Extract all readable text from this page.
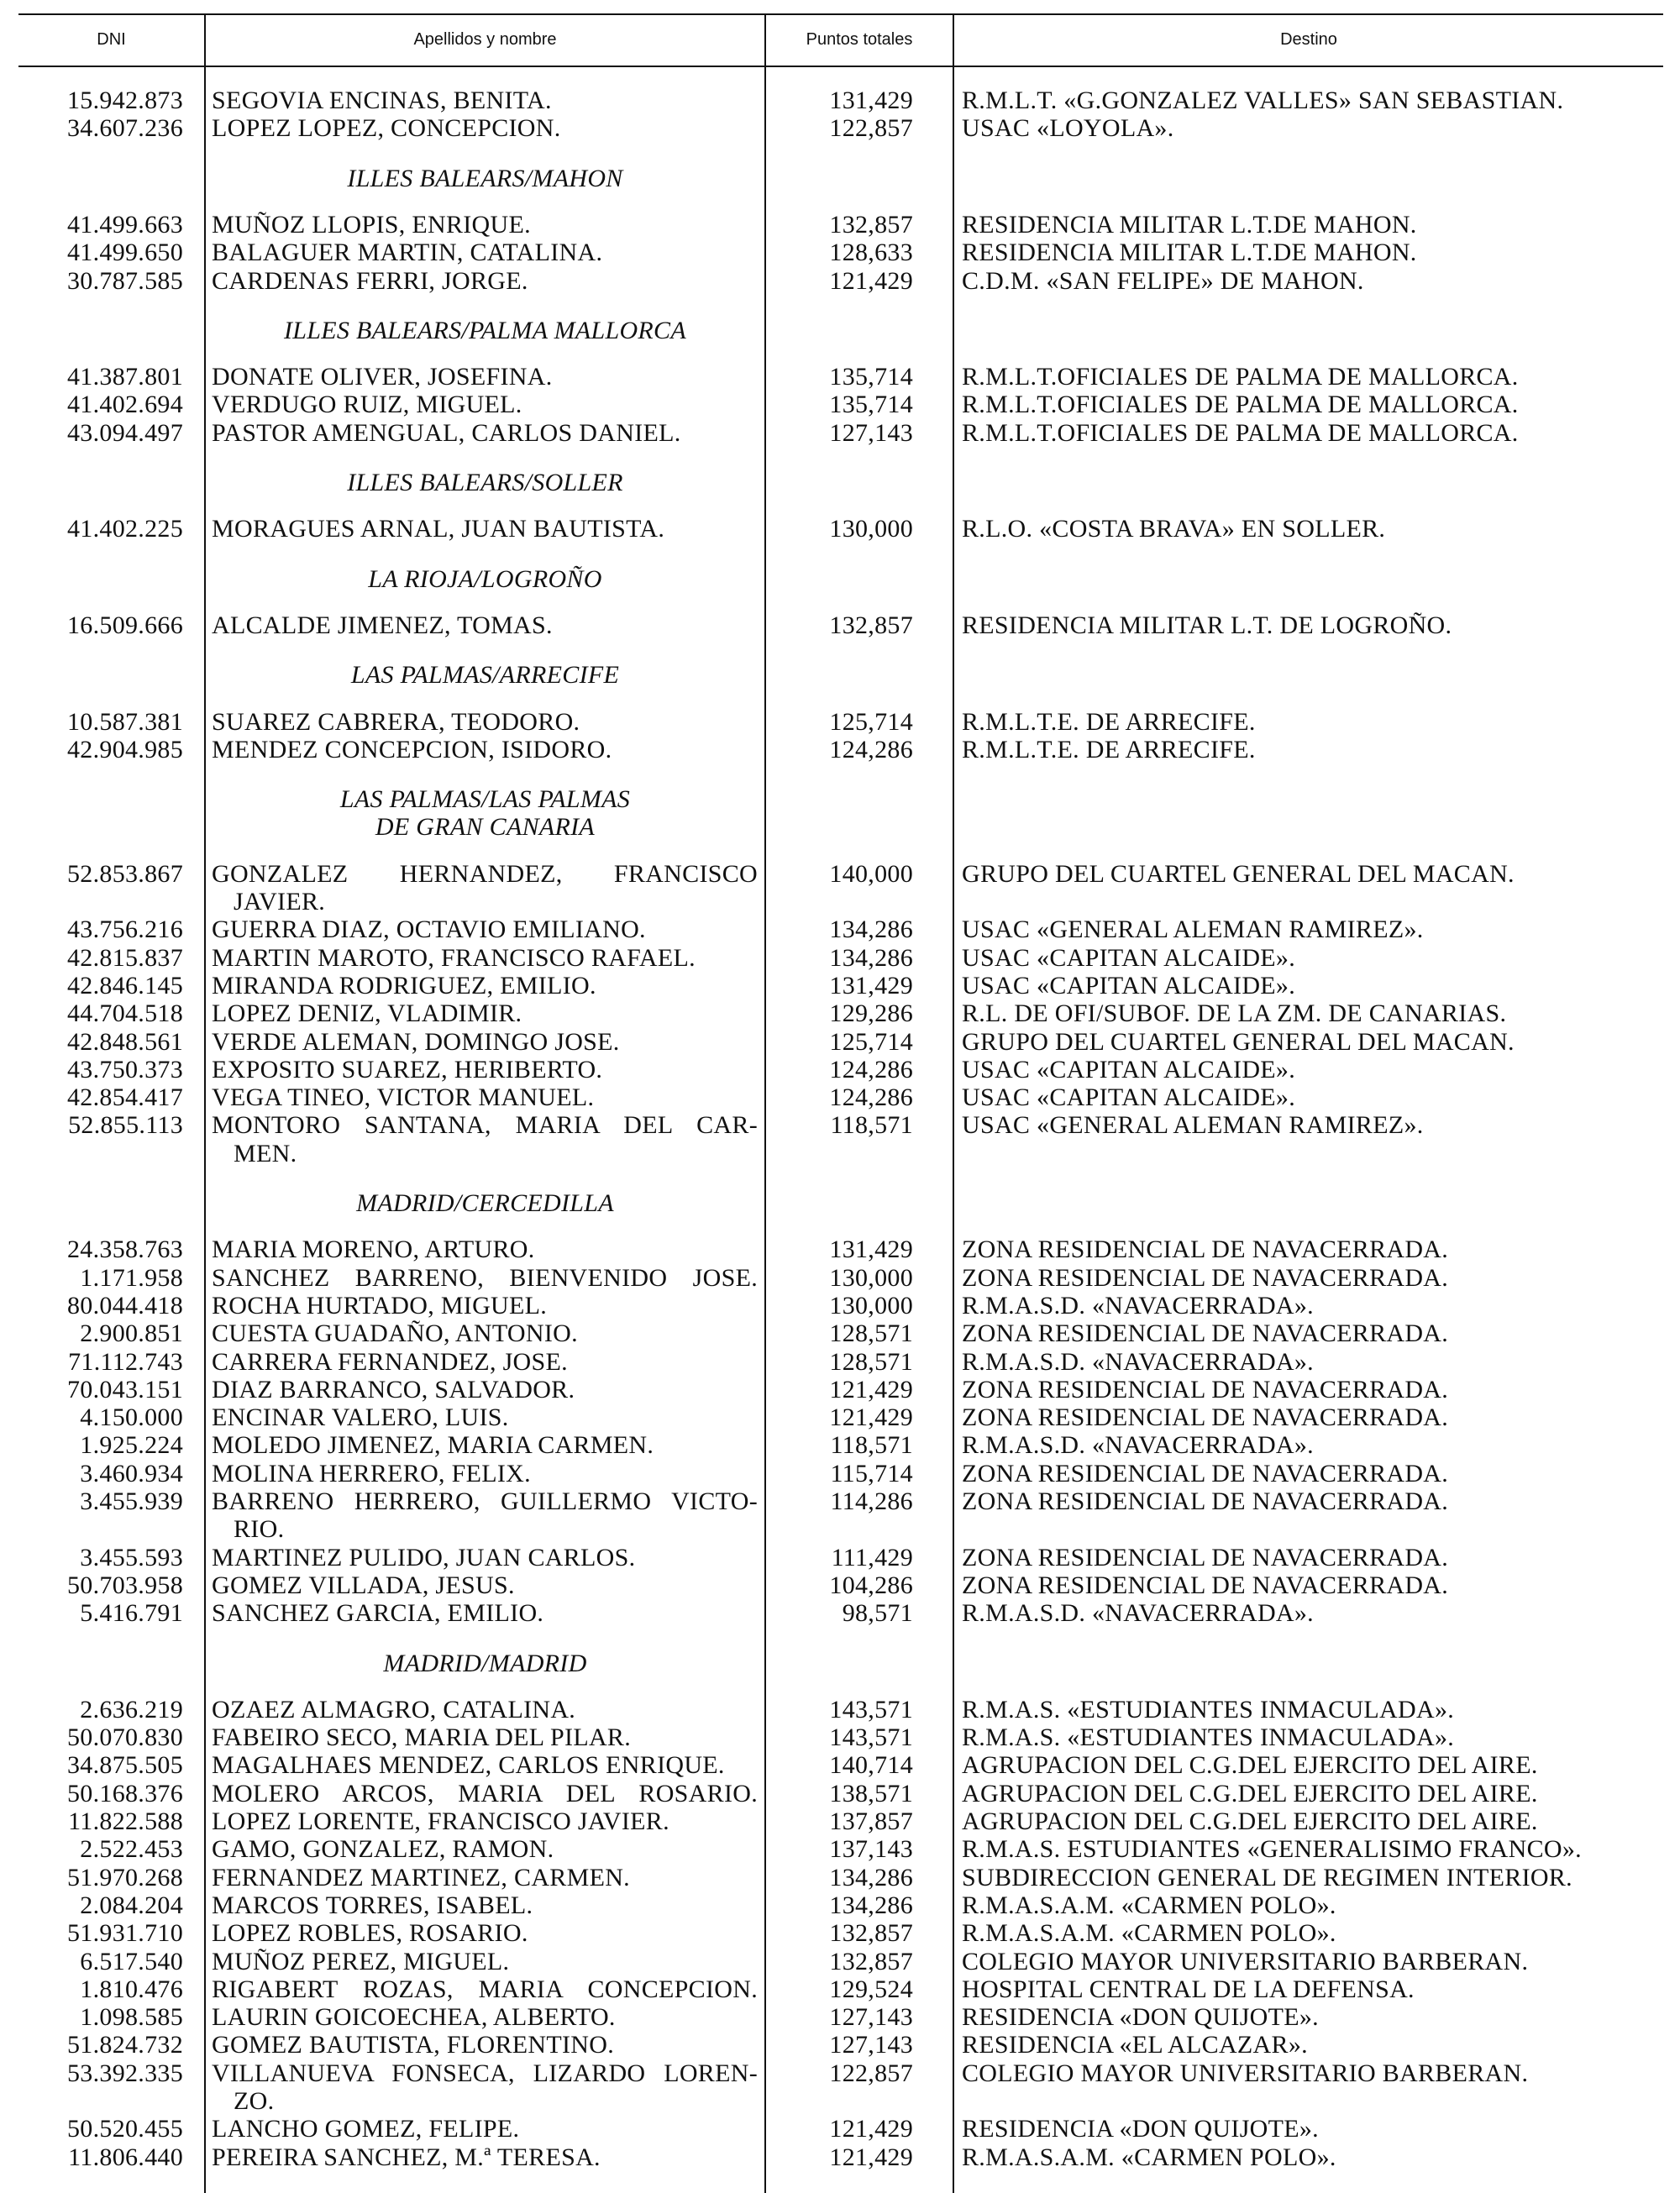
DNI	Apellidos y nombre	Puntos totales	Destino
15.942.873 SEGOVIA ENCINAS, BENITA.	131,429 R.M.L.T. «G.GONZALEZ VALLES» SAN SEBASTIAN.
34.607.236 LOPEZ LOPEZ, CONCEPCION.	122,857 USAC «LOYOLA».
ILLES BALEARS/MAHON
41.499.663 MUÑOZ LLOPIS, ENRIQUE.	132,857 RESIDENCIA MILITAR L.T.DE MAHON.
41.499.650 BALAGUER MARTIN, CATALINA.	128,633 RESIDENCIA MILITAR L.T.DE MAHON.
30.787.585 CARDENAS FERRI, JORGE.	121,429 C.D.M. «SAN FELIPE» DE MAHON.
ILLES BALEARS/PALMA MALLORCA
41.387.801 DONATE OLIVER, JOSEFINA.	135,714 R.M.L.T.OFICIALES DE PALMA DE MALLORCA.
41.402.694 VERDUGO RUIZ, MIGUEL.	135,714 R.M.L.T.OFICIALES DE PALMA DE MALLORCA.
43.094.497 PASTOR AMENGUAL, CARLOS DANIEL.	127,143 R.M.L.T.OFICIALES DE PALMA DE MALLORCA.
ILLES BALEARS/SOLLER
41.402.225 MORAGUES ARNAL, JUAN BAUTISTA.	130,000 R.L.O. «COSTA BRAVA» EN SOLLER.
LA RIOJA/LOGROÑO
16.509.666 ALCALDE JIMENEZ, TOMAS.	132,857 RESIDENCIA MILITAR L.T. DE LOGROÑO.
LAS PALMAS/ARRECIFE
10.587.381 SUAREZ CABRERA, TEODORO.	125,714 R.M.L.T.E. DE ARRECIFE.
42.904.985 MENDEZ CONCEPCION, ISIDORO.	124,286 R.M.L.T.E. DE ARRECIFE.
LAS PALMAS/LAS PALMAS
DE GRAN CANARIA
52.853.867 GONZALEZ HERNANDEZ, FRANCISCO	140,000 GRUPO DEL CUARTEL GENERAL DEL MACAN.
JAVIER.
43.756.216 GUERRA DIAZ, OCTAVIO EMILIANO.	134,286 USAC «GENERAL ALEMAN RAMIREZ».
42.815.837 MARTIN MAROTO, FRANCISCO RAFAEL.	134,286 USAC «CAPITAN ALCAIDE».
42.846.145 MIRANDA RODRIGUEZ, EMILIO.	131,429 USAC «CAPITAN ALCAIDE».
44.704.518 LOPEZ DENIZ, VLADIMIR.	129,286 R.L. DE OFI/SUBOF. DE LA ZM. DE CANARIAS.
42.848.561 VERDE ALEMAN, DOMINGO JOSE.	125,714 GRUPO DEL CUARTEL GENERAL DEL MACAN.
43.750.373 EXPOSITO SUAREZ, HERIBERTO.	124,286 USAC «CAPITAN ALCAIDE».
42.854.417 VEGA TINEO, VICTOR MANUEL.	124,286 USAC «CAPITAN ALCAIDE».
52.855.113 MONTORO SANTANA, MARIA DEL CAR-	118,571 USAC «GENERAL ALEMAN RAMIREZ».
MEN.
MADRID/CERCEDILLA
24.358.763 MARIA MORENO, ARTURO.	131,429 ZONA RESIDENCIAL DE NAVACERRADA.
1.171.958 SANCHEZ BARRENO, BIENVENIDO JOSE.	130,000 ZONA RESIDENCIAL DE NAVACERRADA.
80.044.418 ROCHA HURTADO, MIGUEL.	130,000 R.M.A.S.D. «NAVACERRADA».
2.900.851 CUESTA GUADAÑO, ANTONIO.	128,571 ZONA RESIDENCIAL DE NAVACERRADA.
71.112.743 CARRERA FERNANDEZ, JOSE.	128,571 R.M.A.S.D. «NAVACERRADA».
70.043.151 DIAZ BARRANCO, SALVADOR.	121,429 ZONA RESIDENCIAL DE NAVACERRADA.
4.150.000 ENCINAR VALERO, LUIS.	121,429 ZONA RESIDENCIAL DE NAVACERRADA.
1.925.224 MOLEDO JIMENEZ, MARIA CARMEN.	118,571 R.M.A.S.D. «NAVACERRADA».
3.460.934 MOLINA HERRERO, FELIX.	115,714 ZONA RESIDENCIAL DE NAVACERRADA.
3.455.939 BARRENO HERRERO, GUILLERMO VICTO-	114,286 ZONA RESIDENCIAL DE NAVACERRADA.
RIO.
3.455.593 MARTINEZ PULIDO, JUAN CARLOS.	111,429 ZONA RESIDENCIAL DE NAVACERRADA.
50.703.958 GOMEZ VILLADA, JESUS.	104,286 ZONA RESIDENCIAL DE NAVACERRADA.
5.416.791 SANCHEZ GARCIA, EMILIO.	98,571 R.M.A.S.D. «NAVACERRADA».
MADRID/MADRID
2.636.219 OZAEZ ALMAGRO, CATALINA.	143,571 R.M.A.S. «ESTUDIANTES INMACULADA».
50.070.830 FABEIRO SECO, MARIA DEL PILAR.	143,571 R.M.A.S. «ESTUDIANTES INMACULADA».
34.875.505 MAGALHAES MENDEZ, CARLOS ENRIQUE.	140,714 AGRUPACION DEL C.G.DEL EJERCITO DEL AIRE.
50.168.376 MOLERO ARCOS, MARIA DEL ROSARIO.	138,571 AGRUPACION DEL C.G.DEL EJERCITO DEL AIRE.
11.822.588 LOPEZ LORENTE, FRANCISCO JAVIER.	137,857 AGRUPACION DEL C.G.DEL EJERCITO DEL AIRE.
2.522.453 GAMO, GONZALEZ, RAMON.	137,143 R.M.A.S. ESTUDIANTES «GENERALISIMO FRANCO».
51.970.268 FERNANDEZ MARTINEZ, CARMEN.	134,286 SUBDIRECCION GENERAL DE REGIMEN INTERIOR.
2.084.204 MARCOS TORRES, ISABEL.	134,286 R.M.A.S.A.M. «CARMEN POLO».
51.931.710 LOPEZ ROBLES, ROSARIO.	132,857 R.M.A.S.A.M. «CARMEN POLO».
6.517.540 MUÑOZ PEREZ, MIGUEL.	132,857 COLEGIO MAYOR UNIVERSITARIO BARBERAN.
1.810.476 RIGABERT ROZAS, MARIA CONCEPCION.	129,524 HOSPITAL CENTRAL DE LA DEFENSA.
1.098.585 LAURIN GOICOECHEA, ALBERTO.	127,143 RESIDENCIA «DON QUIJOTE».
51.824.732 GOMEZ BAUTISTA, FLORENTINO.	127,143 RESIDENCIA «EL ALCAZAR».
53.392.335 VILLANUEVA FONSECA, LIZARDO LOREN-	122,857 COLEGIO MAYOR UNIVERSITARIO BARBERAN.
ZO.
50.520.455 LANCHO GOMEZ, FELIPE.	121,429 RESIDENCIA «DON QUIJOTE».
11.806.440 PEREIRA SANCHEZ, M.ª TERESA.	121,429 R.M.A.S.A.M. «CARMEN POLO».
